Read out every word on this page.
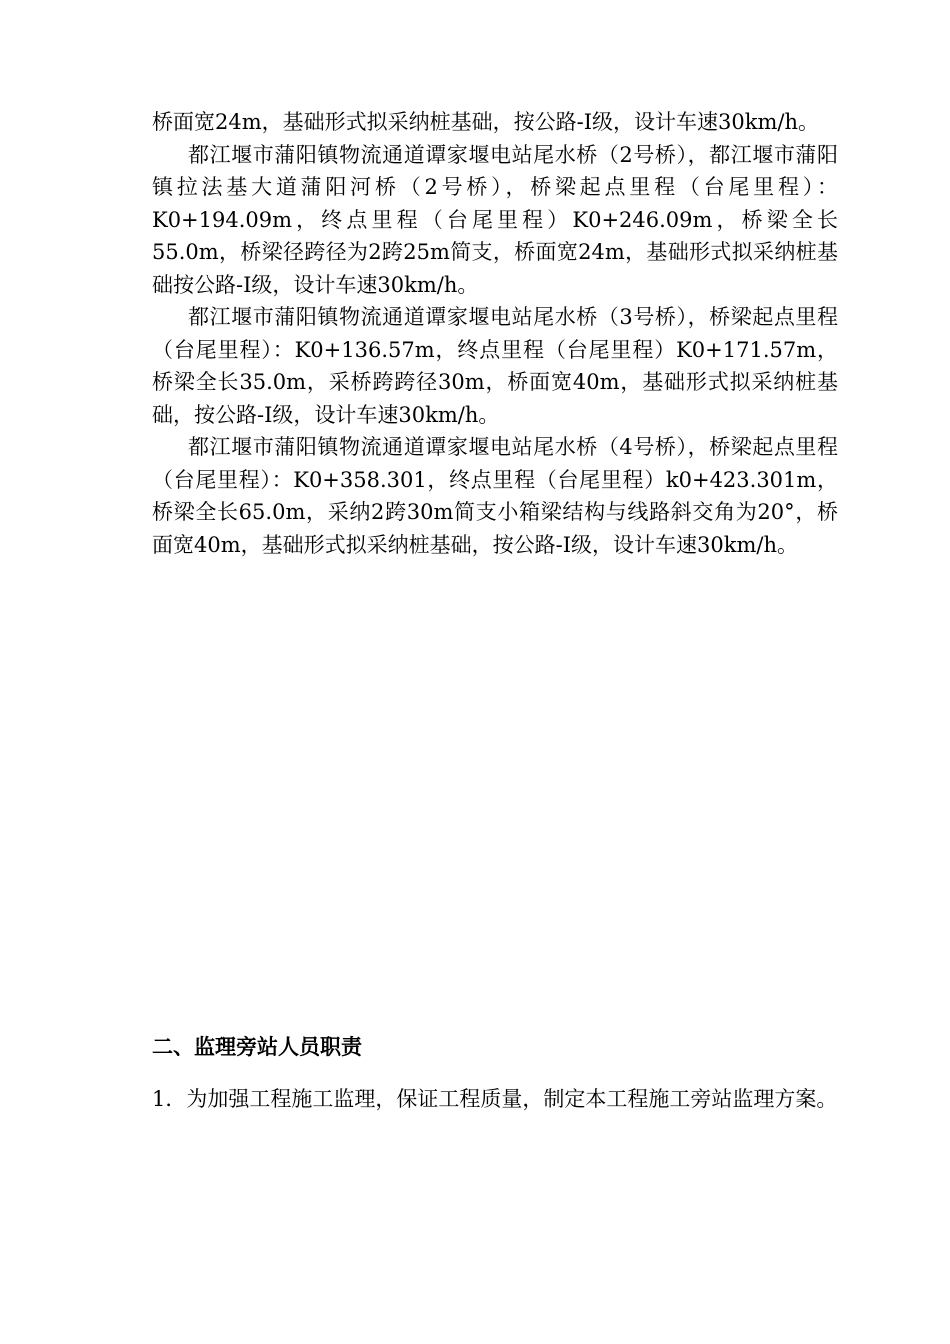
桥面宽24m，基础形式拟采纳桩基础，按公路-I级，设计车速30km/h。

都江堰市蒲阳镇物流通道谭家堰电站尾水桥（2号桥），都江堰市蒲阳镇拉法基大道蒲阳河桥（2号桥），桥梁起点里程（台尾里程）：K0+194.09m，终点里程（台尾里程）K0+246.09m，桥梁全长55.0m，桥梁径跨径为2跨25m简支，桥面宽24m，基础形式拟采纳桩基础按公路-I级，设计车速30km/h。

都江堰市蒲阳镇物流通道谭家堰电站尾水桥（3号桥），桥梁起点里程（台尾里程）：K0+136.57m，终点里程（台尾里程）K0+171.57m，桥梁全长35.0m，采桥跨跨径30m，桥面宽40m，基础形式拟采纳桩基础，按公路-I级，设计车速30km/h。

都江堰市蒲阳镇物流通道谭家堰电站尾水桥（4号桥），桥梁起点里程（台尾里程）：K0+358.301，终点里程（台尾里程）k0+423.301m，桥梁全长65.0m，采纳2跨30m简支小箱梁结构与线路斜交角为20°，桥面宽40m，基础形式拟采纳桩基础，按公路-I级，设计车速30km/h。

二、监理旁站人员职责

1．为加强工程施工监理，保证工程质量，制定本工程施工旁站监理方案。
